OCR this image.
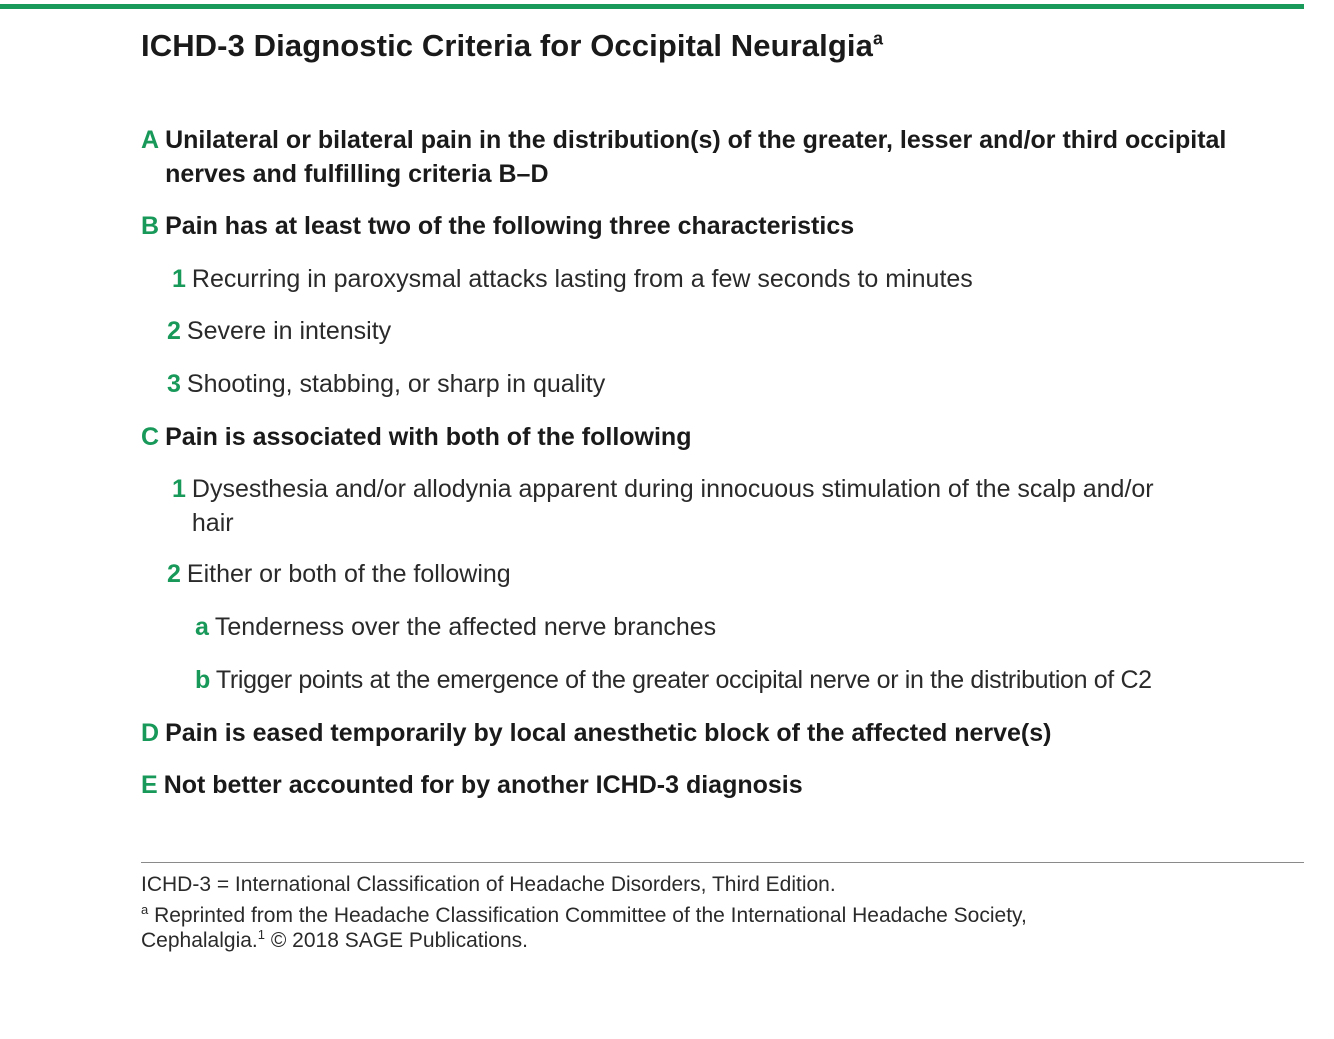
ICHD-3 Diagnostic Criteria for Occipital Neuralgia$^a$
A Unilateral or bilateral pain in the distribution(s) of the greater, lesser and/or third occipital nerves and fulfilling criteria B–D
B Pain has at least two of the following three characteristics
1 Recurring in paroxysmal attacks lasting from a few seconds to minutes
2 Severe in intensity
3 Shooting, stabbing, or sharp in quality
C Pain is associated with both of the following
1 Dysesthesia and/or allodynia apparent during innocuous stimulation of the scalp and/or hair
2 Either or both of the following
a Tenderness over the affected nerve branches
b Trigger points at the emergence of the greater occipital nerve or in the distribution of C2
D Pain is eased temporarily by local anesthetic block of the affected nerve(s)
E Not better accounted for by another ICHD-3 diagnosis
ICHD-3 = International Classification of Headache Disorders, Third Edition.
$^a$ Reprinted from the Headache Classification Committee of the International Headache Society,
Cephalalgia.$^1$ © 2018 SAGE Publications.
